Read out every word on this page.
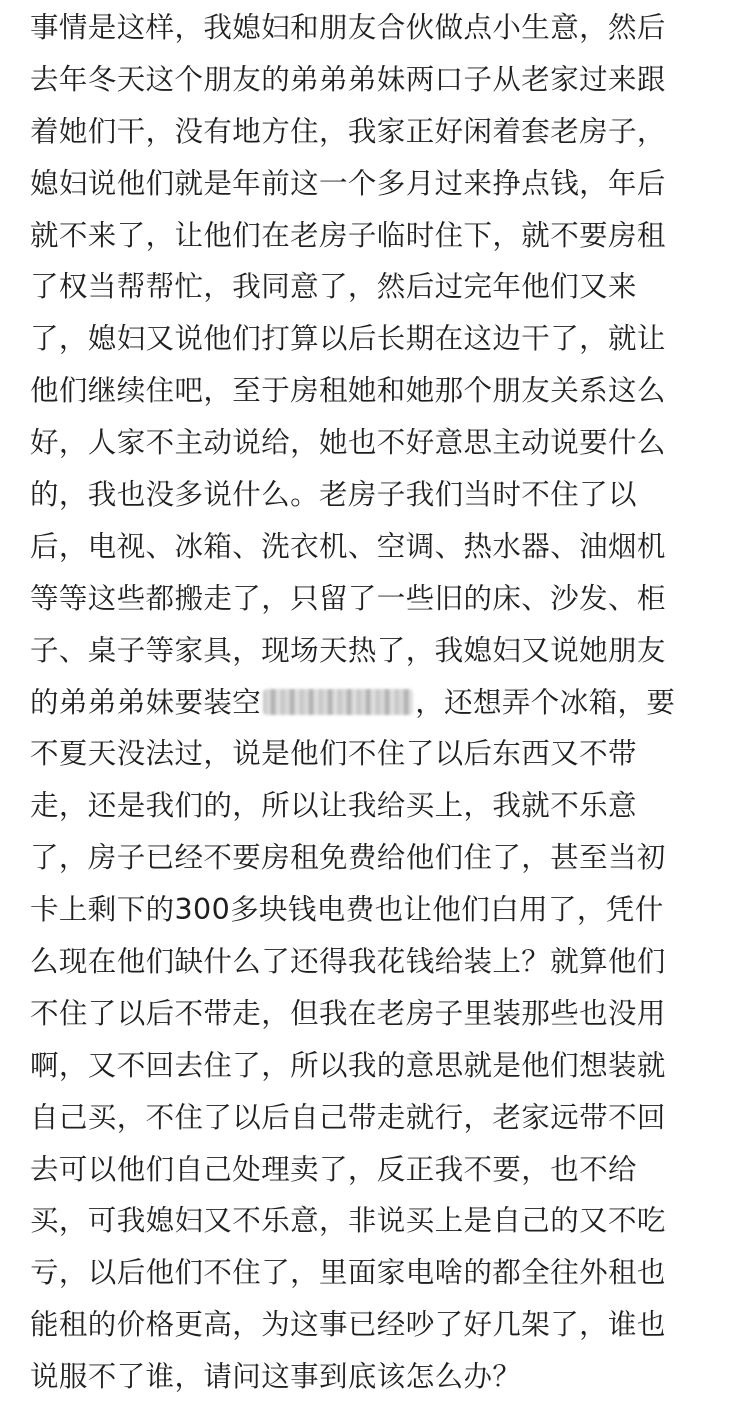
事情是这样，我媳妇和朋友合伙做点小生意，然后
去年冬天这个朋友的弟弟弟妹两口子从老家过来跟
着她们干，没有地方住，我家正好闲着套老房子，
媳妇说他们就是年前这一个多月过来挣点钱，年后
就不来了，让他们在老房子临时住下，就不要房租
了权当帮帮忙，我同意了，然后过完年他们又来
了，媳妇又说他们打算以后长期在这边干了，就让
他们继续住吧，至于房租她和她那个朋友关系这么
好，人家不主动说给，她也不好意思主动说要什么
的，我也没多说什么。老房子我们当时不住了以
后，电视、冰箱、洗衣机、空调、热水器、油烟机
等等这些都搬走了，只留了一些旧的床、沙发、柜
子、桌子等家具，现场天热了，我媳妇又说她朋友
的弟弟弟妹要装空	，还想弄个冰箱，要
不夏天没法过，说是他们不住了以后东西又不带
走，还是我们的，所以让我给买上，我就不乐意
了，房子已经不要房租免费给他们住了，甚至当初
卡上剩下的300多块钱电费也让他们白用了，凭什
么现在他们缺什么了还得我花钱给装上？就算他们
不住了以后不带走，但我在老房子里装那些也没用
啊，又不回去住了，所以我的意思就是他们想装就
自己买，不住了以后自己带走就行，老家远带不回
去可以他们自己处理卖了，反正我不要，也不给
买，可我媳妇又不乐意，非说买上是自己的又不吃
亏，以后他们不住了，里面家电啥的都全往外租也
能租的价格更高，为这事已经吵了好几架了，谁也
说服不了谁，请问这事到底该怎么办？
